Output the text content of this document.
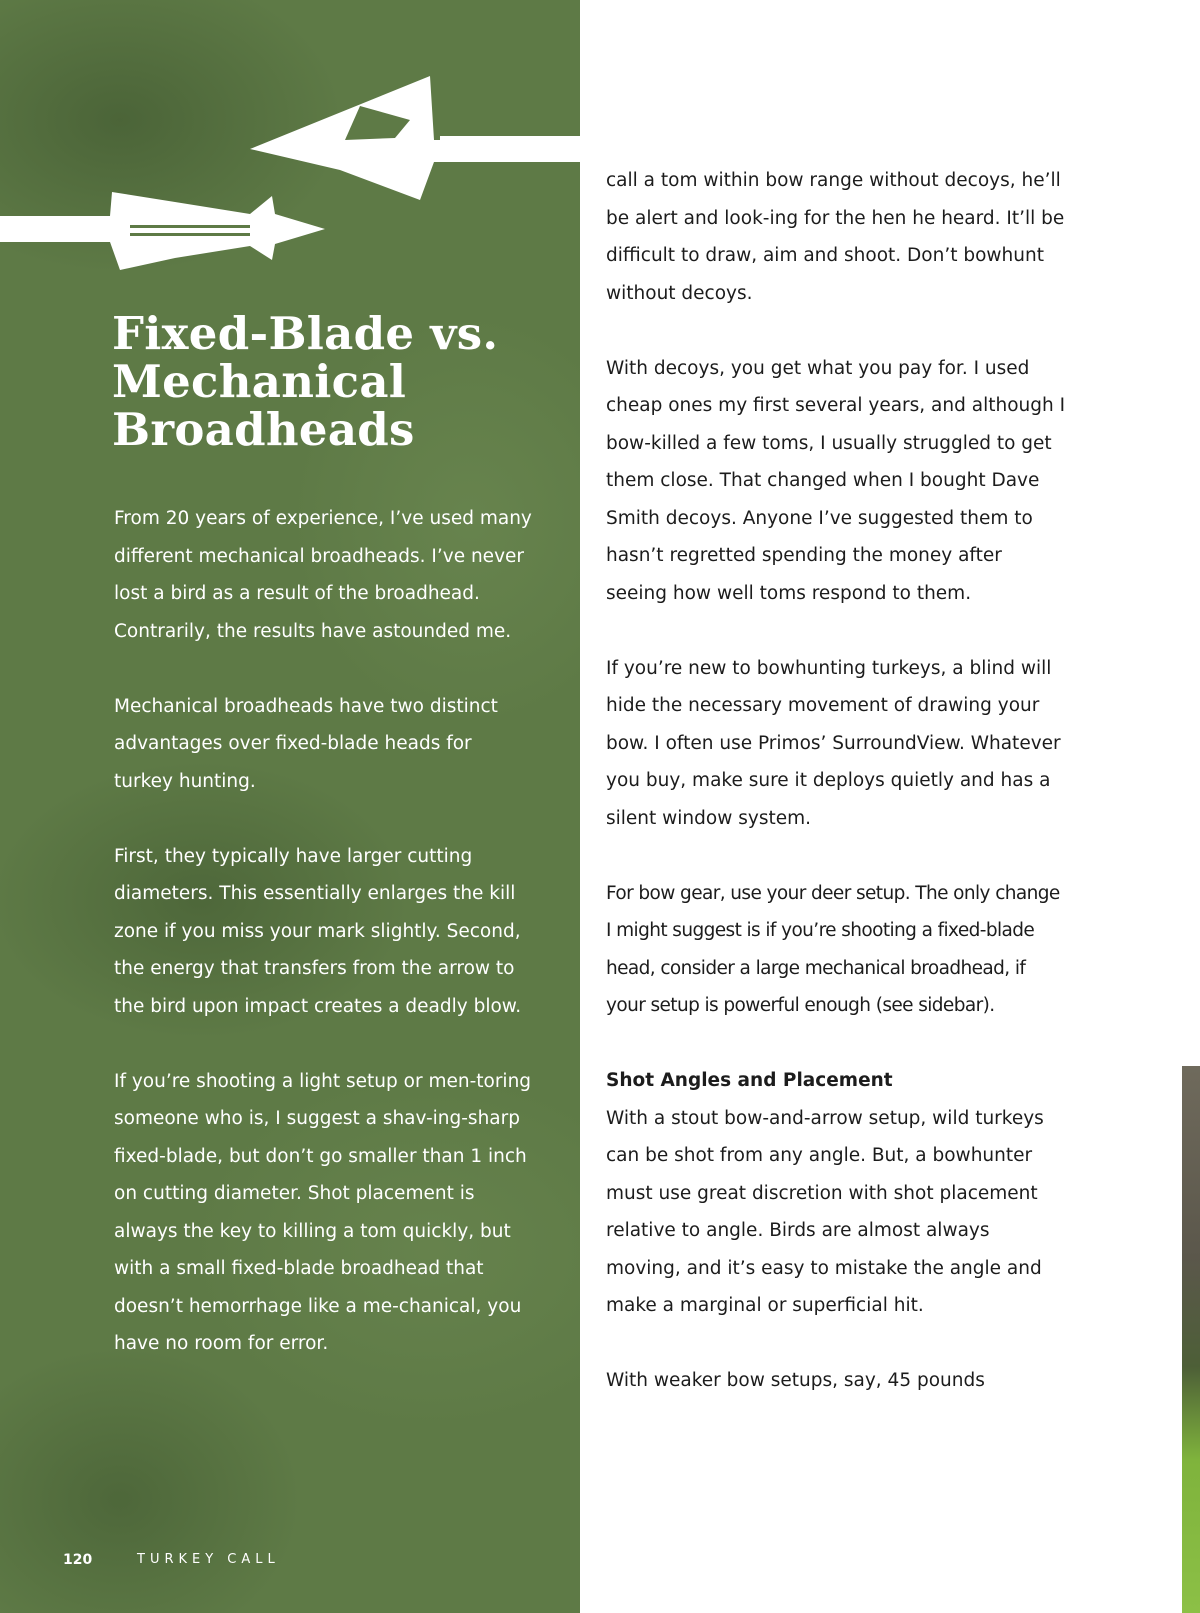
Fixed-Blade vs. Mechanical Broadheads

From 20 years of experience, I’ve used many different mechanical broadheads. I’ve never lost a bird as a result of the broadhead. Contrarily, the results have astounded me.

Mechanical broadheads have two distinct advantages over fixed-blade heads for turkey hunting.

First, they typically have larger cutting diameters. This essentially enlarges the kill zone if you miss your mark slightly. Second, the energy that transfers from the arrow to the bird upon impact creates a deadly blow.

If you’re shooting a light setup or men-toring someone who is, I suggest a shav-ing-sharp fixed-blade, but don’t go smaller than 1 inch on cutting diameter. Shot placement is always the key to killing a tom quickly, but with a small fixed-blade broadhead that doesn’t hemorrhage like a me-chanical, you have no room for error.

120	TURKEY CALL

call a tom within bow range without decoys, he’ll be alert and look-ing for the hen he heard. It’ll be difficult to draw, aim and shoot. Don’t bowhunt without decoys.

With decoys, you get what you pay for. I used cheap ones my first several years, and although I bow-killed a few toms, I usually struggled to get them close. That changed when I bought Dave Smith decoys. Anyone I’ve suggested them to hasn’t regretted spending the money after seeing how well toms respond to them.

If you’re new to bowhunting turkeys, a blind will hide the necessary movement of drawing your bow. I often use Primos’ SurroundView. Whatever you buy, make sure it deploys quietly and has a silent window system.

For bow gear, use your deer setup. The only change I might suggest is if you’re shooting a fixed-blade head, consider a large mechanical broadhead, if your setup is powerful enough (see sidebar).

Shot Angles and Placement

With a stout bow-and-arrow setup, wild turkeys can be shot from any angle. But, a bowhunter must use great discretion with shot placement relative to angle. Birds are almost always moving, and it’s easy to mistake the angle and make a marginal or superficial hit.

With weaker bow setups, say, 45 pounds
